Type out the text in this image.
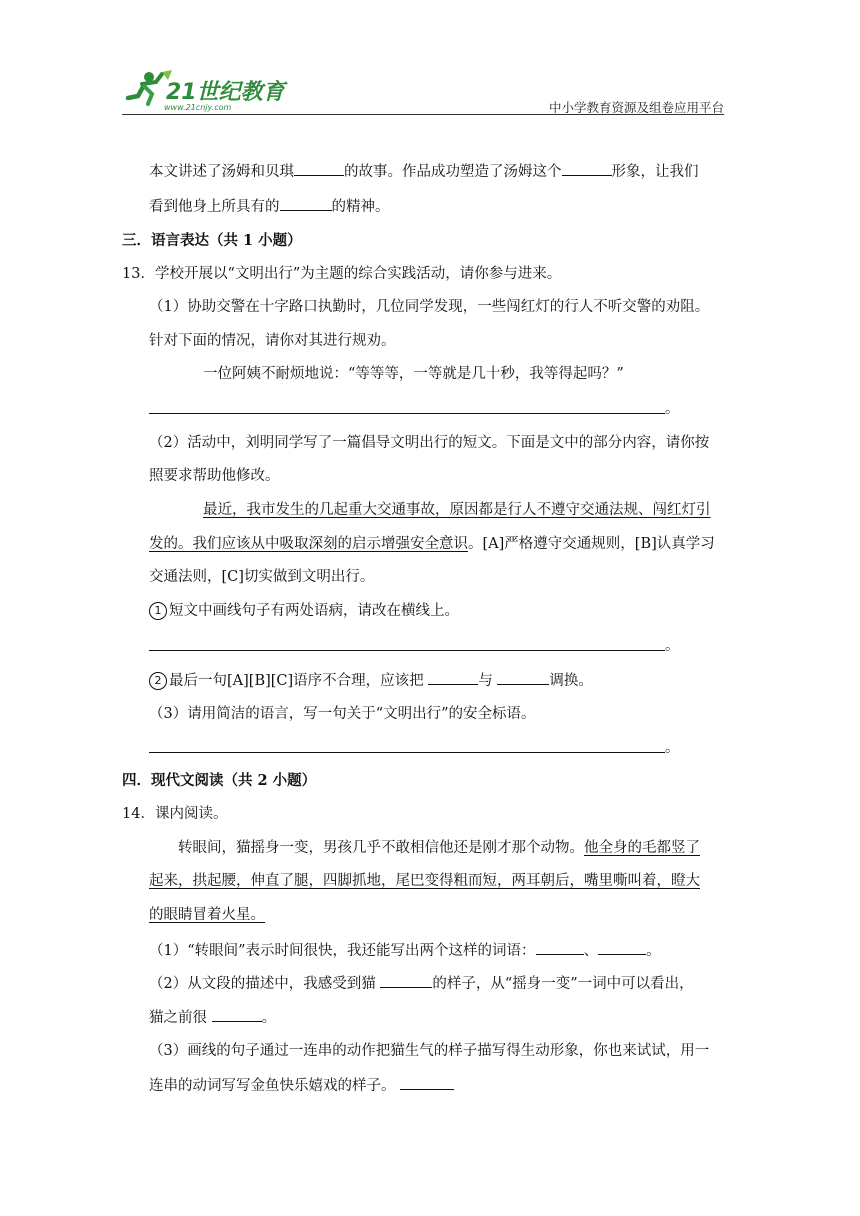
21世纪教育
www.21cnjy.com	中小学教育资源及组卷应用平台
本文讲述了汤姆和贝琪	的故事。作品成功塑造了汤姆这个	形象，让我们
看到他身上所具有的	的精神。
三．语言表达（共 1 小题）
13．学校开展以“文明出行”为主题的综合实践活动，请你参与进来。
（1）协助交警在十字路口执勤时，几位同学发现，一些闯红灯的行人不听交警的劝阻。
针对下面的情况，请你对其进行规劝。
一位阿姨不耐烦地说：“等等等，一等就是几十秒，我等得起吗？”
。
（2）活动中，刘明同学写了一篇倡导文明出行的短文。下面是文中的部分内容，请你按
照要求帮助他修改。
最近，我市发生的几起重大交通事故，原因都是行人不遵守交通法规、闯红灯引
发的。我们应该从中吸取深刻的启示增强安全意识。[A]严格遵守交通规则，[B]认真学习
交通法则，[C]切实做到文明出行。
1 短文中画线句子有两处语病，请改在横线上。
。
2 最后一句[A][B][C]语序不合理，应该把	与	调换。
（3）请用简洁的语言，写一句关于“文明出行”的安全标语。
。
四．现代文阅读（共 2 小题）
14．课内阅读。
转眼间，猫摇身一变，男孩几乎不敢相信他还是刚才那个动物。他全身的毛都竖了
起来，拱起腰，伸直了腿，四脚抓地，尾巴变得粗而短，两耳朝后，嘴里嘶叫着，瞪大
的眼睛冒着火星。
（1）“转眼间”表示时间很快，我还能写出两个这样的词语：	、	。
（2）从文段的描述中，我感受到猫	的样子，从“摇身一变”一词中可以看出，
猫之前很	。
（3）画线的句子通过一连串的动作把猫生气的样子描写得生动形象，你也来试试，用一
连串的动词写写金鱼快乐嬉戏的样子。
